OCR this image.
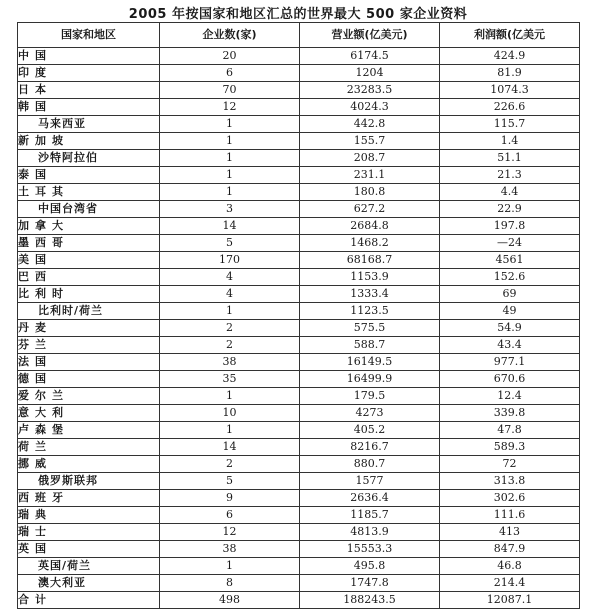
2005 年按国家和地区汇总的世界最大 500 家企业资料
国家和地区	企业数(家)	营业额(亿美元)	利润额(亿美元
中国	20	6174.5	424.9
印度	6	1204	81.9
日本	70	23283.5	1074.3
韩国	12	4024.3	226.6
马来西亚	1	442.8	115.7
新加坡	1	155.7	1.4
沙特阿拉伯	1	208.7	51.1
泰国	1	231.1	21.3
土耳其	1	180.8	4.4
中国台湾省	3	627.2	22.9
加拿大	14	2684.8	197.8
墨西哥	5	1468.2	—24
美国	170	68168.7	4561
巴西	4	1153.9	152.6
比利时	4	1333.4	69
比利时/荷兰	1	1123.5	49
丹麦	2	575.5	54.9
芬兰	2	588.7	43.4
法国	38	16149.5	977.1
德国	35	16499.9	670.6
爱尔兰	1	179.5	12.4
意大利	10	4273	339.8
卢森堡	1	405.2	47.8
荷兰	14	8216.7	589.3
挪威	2	880.7	72
俄罗斯联邦	5	1577	313.8
西班牙	9	2636.4	302.6
瑞典	6	1185.7	111.6
瑞士	12	4813.9	413
英国	38	15553.3	847.9
英国/荷兰	1	495.8	46.8
澳大利亚	8	1747.8	214.4
合计	498	188243.5	12087.1
